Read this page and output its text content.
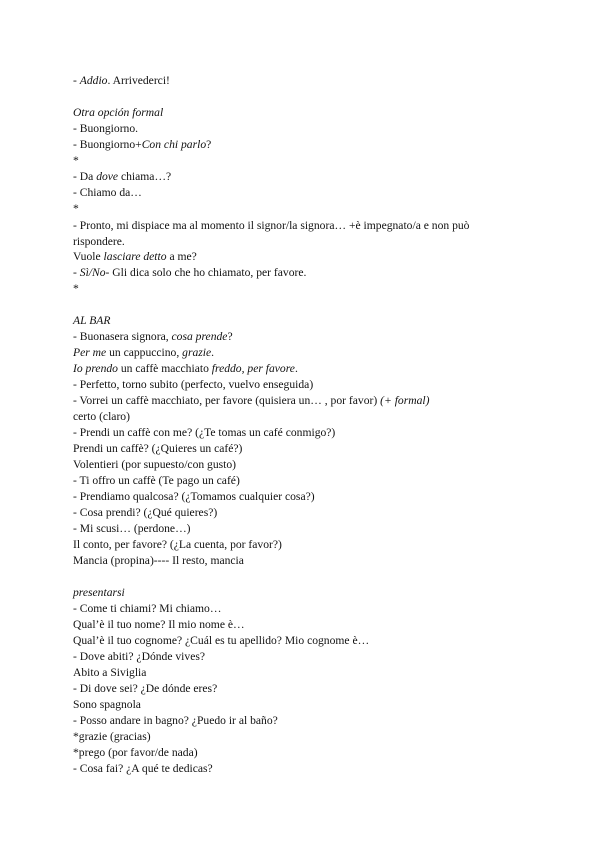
- Addio. Arrivederci!
Otra opción formal
- Buongiorno.
- Buongiorno+Con chi parlo?
*
- Da dove chiama…?
- Chiamo da…
*
- Pronto, mi dispiace ma al momento il signor/la signora… +è impegnato/a e non può rispondere.
Vuole lasciare detto a me?
- Sì/No- Gli dica solo che ho chiamato, per favore.
*
AL BAR
- Buonasera signora, cosa prende?
Per me un cappuccino, grazie.
Io prendo un caffè macchiato freddo, per favore.
- Perfetto, torno subito (perfecto, vuelvo enseguida)
- Vorrei un caffè macchiato, per favore (quisiera un… , por favor) (+ formal)
certo (claro)
- Prendi un caffè con me? (¿Te tomas un café conmigo?)
Prendi un caffè? (¿Quieres un café?)
Volentieri (por supuesto/con gusto)
- Ti offro un caffè (Te pago un café)
- Prendiamo qualcosa? (¿Tomamos cualquier cosa?)
- Cosa prendi? (¿Qué quieres?)
- Mi scusi… (perdone…)
Il conto, per favore? (¿La cuenta, por favor?)
Mancia (propina)---- Il resto, mancia
presentarsi
- Come ti chiami? Mi chiamo…
Qual’è il tuo nome? Il mio nome è…
Qual’è il tuo cognome? ¿Cuál es tu apellido? Mio cognome è…
- Dove abiti? ¿Dónde vives?
Abito a Siviglia
- Di dove sei? ¿De dónde eres?
Sono spagnola
- Posso andare in bagno? ¿Puedo ir al baño?
*grazie (gracias)
*prego (por favor/de nada)
- Cosa fai? ¿A qué te dedicas?
